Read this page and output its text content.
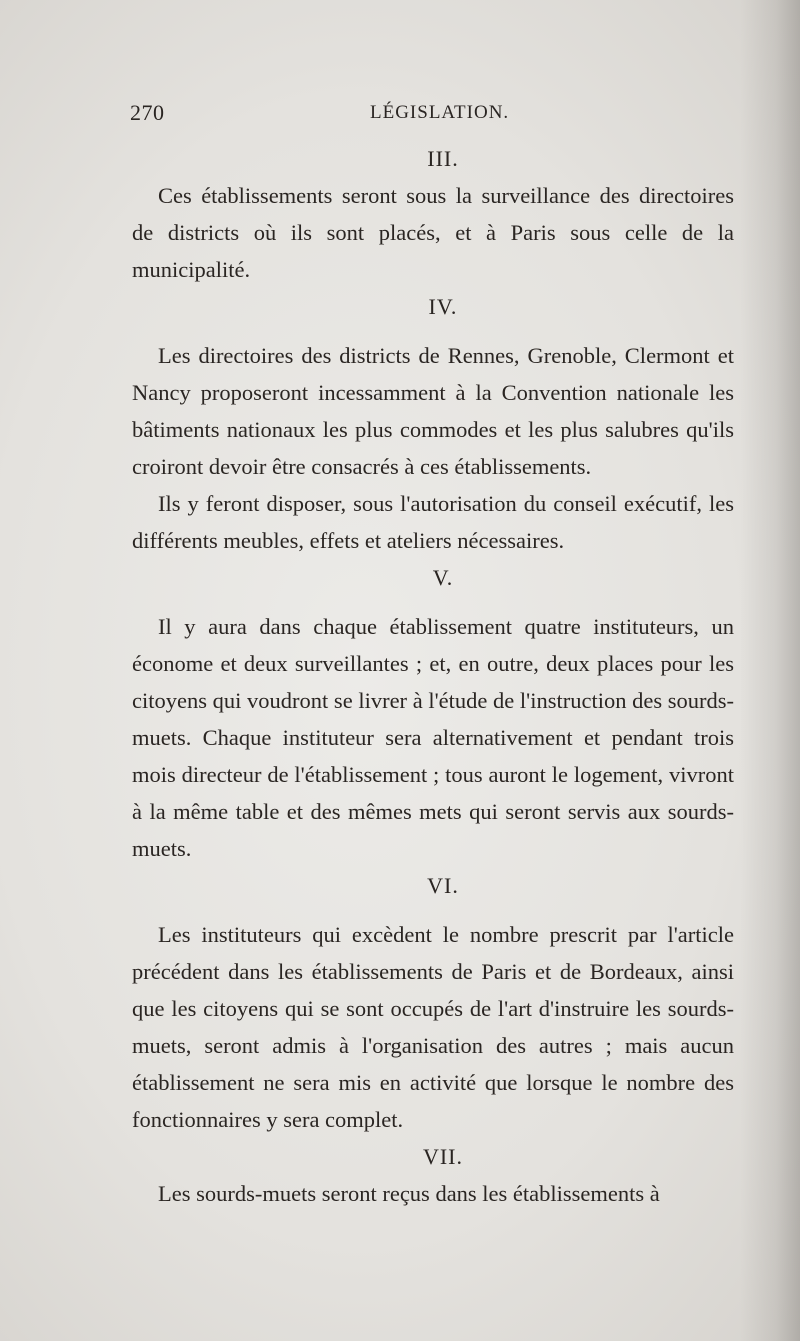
270	LÉGISLATION.
III.

Ces établissements seront sous la surveillance des directoires de districts où ils sont placés, et à Paris sous celle de la municipalité.

IV.

Les directoires des districts de Rennes, Grenoble, Clermont et Nancy proposeront incessamment à la Convention nationale les bâtiments nationaux les plus commodes et les plus salubres qu'ils croiront devoir être consacrés à ces établissements.

Ils y feront disposer, sous l'autorisation du conseil exécutif, les différents meubles, effets et ateliers nécessaires.

V.

Il y aura dans chaque établissement quatre instituteurs, un économe et deux surveillantes ; et, en outre, deux places pour les citoyens qui voudront se livrer à l'étude de l'instruction des sourds-muets. Chaque instituteur sera alternativement et pendant trois mois directeur de l'établissement ; tous auront le logement, vivront à la même table et des mêmes mets qui seront servis aux sourds-muets.

VI.

Les instituteurs qui excèdent le nombre prescrit par l'article précédent dans les établissements de Paris et de Bordeaux, ainsi que les citoyens qui se sont occupés de l'art d'instruire les sourds-muets, seront admis à l'organisation des autres ; mais aucun établissement ne sera mis en activité que lorsque le nombre des fonctionnaires y sera complet.

VII.

Les sourds-muets seront reçus dans les établissements à
